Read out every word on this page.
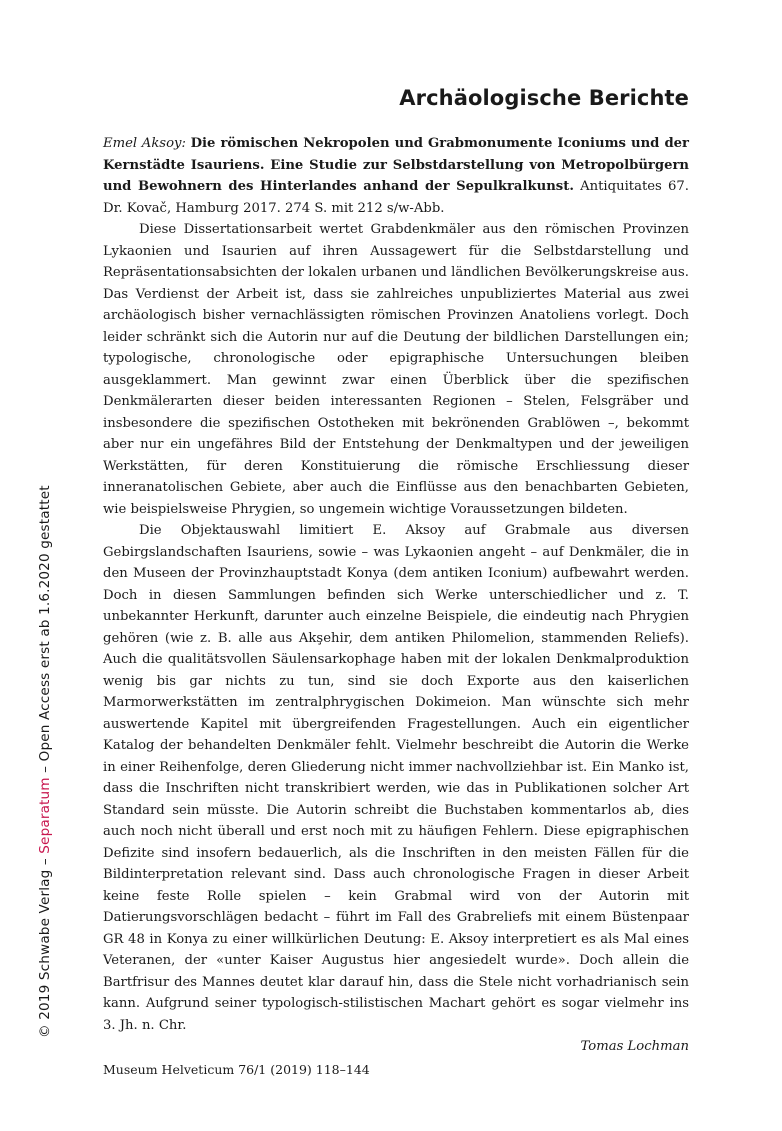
Archäologische Berichte

Emel Aksoy: Die römischen Nekropolen und Grabmonumente Iconiums und der Kernstädte Isauriens. Eine Studie zur Selbstdarstellung von Metropolbürgern und Bewohnern des Hinterlandes anhand der Sepulkralkunst. Antiquitates 67. Dr. Kovač, Hamburg 2017. 274 S. mit 212 s/w-Abb.

Diese Dissertationsarbeit wertet Grabdenkmäler aus den römischen Provinzen Lykaonien und Isaurien auf ihren Aussagewert für die Selbstdarstellung und Repräsentationsabsichten der lokalen urbanen und ländlichen Bevölkerungskreise aus. Das Verdienst der Arbeit ist, dass sie zahlreiches unpubliziertes Material aus zwei archäologisch bisher vernachlässigten römischen Provinzen Anatoliens vorlegt. Doch leider schränkt sich die Autorin nur auf die Deutung der bildlichen Darstellungen ein; typologische, chronologische oder epigraphische Untersuchungen bleiben ausgeklammert. Man gewinnt zwar einen Überblick über die spezifischen Denkmälerarten dieser beiden interessanten Regionen – Stelen, Felsgräber und insbesondere die spezifischen Ostotheken mit bekrönenden Grablöwen –, bekommt aber nur ein ungefähres Bild der Entstehung der Denkmaltypen und der jeweiligen Werkstätten, für deren Konstituierung die römische Erschliessung dieser inneranatolischen Gebiete, aber auch die Einflüsse aus den benachbarten Gebieten, wie beispielsweise Phrygien, so ungemein wichtige Voraussetzungen bildeten.

Die Objektauswahl limitiert E. Aksoy auf Grabmale aus diversen Gebirgslandschaften Isauriens, sowie – was Lykaonien angeht – auf Denkmäler, die in den Museen der Provinzhauptstadt Konya (dem antiken Iconium) aufbewahrt werden. Doch in diesen Sammlungen befinden sich Werke unterschiedlicher und z. T. unbekannter Herkunft, darunter auch einzelne Beispiele, die eindeutig nach Phrygien gehören (wie z. B. alle aus Akşehir, dem antiken Philomelion, stammenden Reliefs). Auch die qualitätsvollen Säulensarkophage haben mit der lokalen Denkmalproduktion wenig bis gar nichts zu tun, sind sie doch Exporte aus den kaiserlichen Marmorwerkstätten im zentralphrygischen Dokimeion. Man wünschte sich mehr auswertende Kapitel mit übergreifenden Fragestellungen. Auch ein eigentlicher Katalog der behandelten Denkmäler fehlt. Vielmehr beschreibt die Autorin die Werke in einer Reihenfolge, deren Gliederung nicht immer nachvollziehbar ist. Ein Manko ist, dass die Inschriften nicht transkribiert werden, wie das in Publikationen solcher Art Standard sein müsste. Die Autorin schreibt die Buchstaben kommentarlos ab, dies auch noch nicht überall und erst noch mit zu häufigen Fehlern. Diese epigraphischen Defizite sind insofern bedauerlich, als die Inschriften in den meisten Fällen für die Bildinterpretation relevant sind. Dass auch chronologische Fragen in dieser Arbeit keine feste Rolle spielen – kein Grabmal wird von der Autorin mit Datierungsvorschlägen bedacht – führt im Fall des Grabreliefs mit einem Büstenpaar GR 48 in Konya zu einer willkürlichen Deutung: E. Aksoy interpretiert es als Mal eines Veteranen, der «unter Kaiser Augustus hier angesiedelt wurde». Doch allein die Bartfrisur des Mannes deutet klar darauf hin, dass die Stele nicht vorhadrianisch sein kann. Aufgrund seiner typologisch-stilistischen Machart gehört es sogar vielmehr ins 3. Jh. n. Chr.

Tomas Lochman

Museum Helveticum 76/1 (2019) 118–144
© 2019 Schwabe Verlag – Separatum – Open Access erst ab 1.6.2020 gestattet
